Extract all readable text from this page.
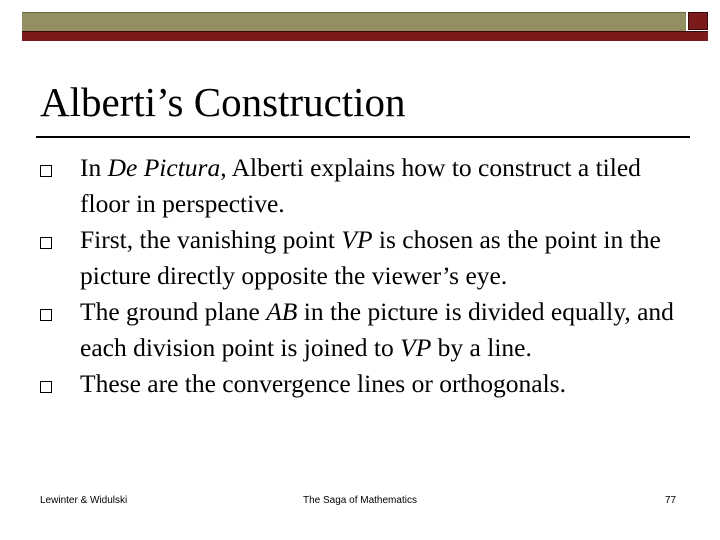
Alberti’s Construction
In De Pictura, Alberti explains how to construct a tiled floor in perspective.
First, the vanishing point VP is chosen as the point in the picture directly opposite the viewer’s eye.
The ground plane AB in the picture is divided equally, and each division point is joined to VP by a line.
These are the convergence lines or orthogonals.
Lewinter & Widulski	The Saga of Mathematics	77
